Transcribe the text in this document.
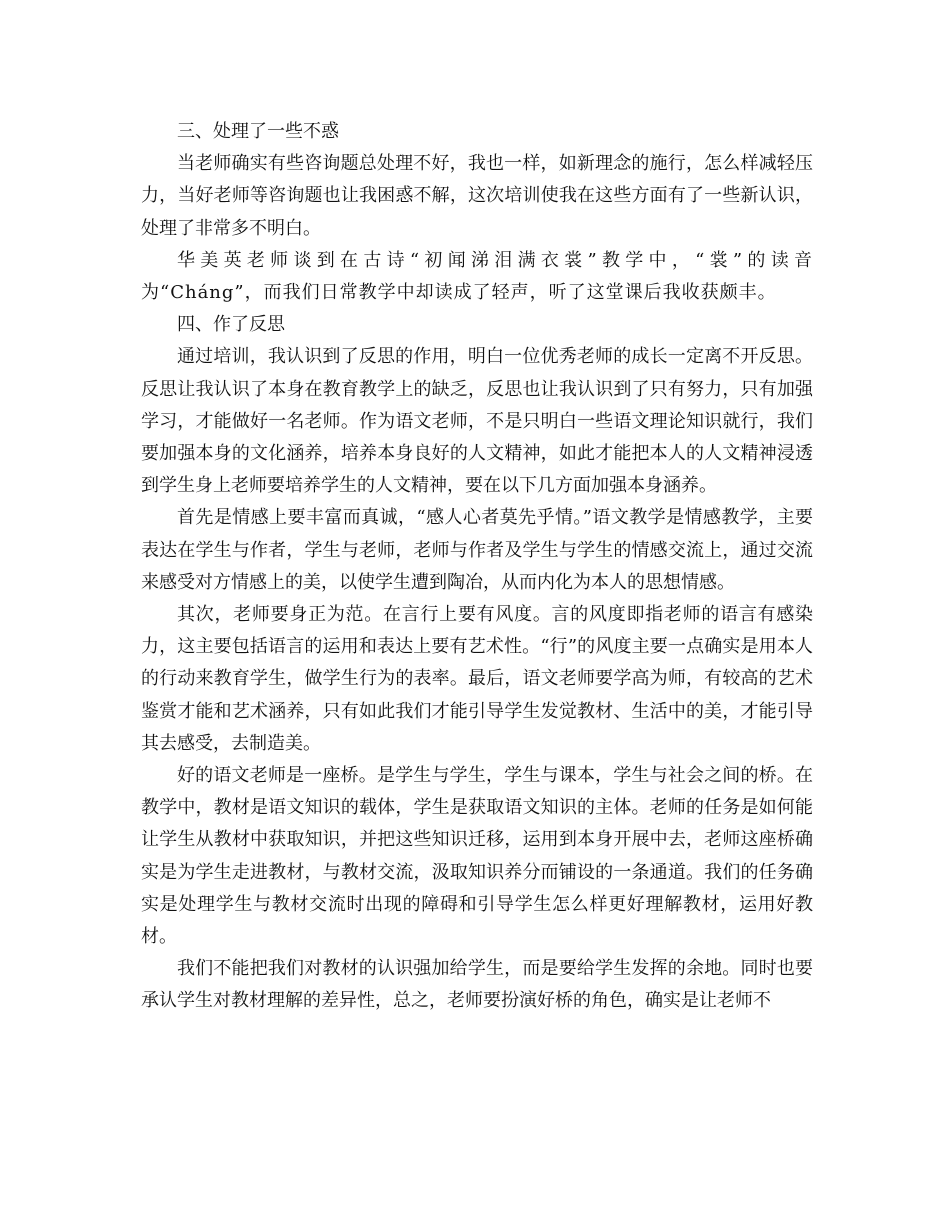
三、处理了一些不惑

当老师确实有些咨询题总处理不好，我也一样，如新理念的施行，怎么样减轻压力，当好老师等咨询题也让我困惑不解，这次培训使我在这些方面有了一些新认识，处理了非常多不明白。

华美英老师谈到在古诗“初闻涕泪满衣裳”教学中，“裳”的读音为“Cháng”，而我们日常教学中却读成了轻声，听了这堂课后我收获颇丰。

四、作了反思

通过培训，我认识到了反思的作用，明白一位优秀老师的成长一定离不开反思。反思让我认识了本身在教育教学上的缺乏，反思也让我认识到了只有努力，只有加强学习，才能做好一名老师。作为语文老师，不是只明白一些语文理论知识就行，我们要加强本身的文化涵养，培养本身良好的人文精神，如此才能把本人的人文精神浸透到学生身上老师要培养学生的人文精神，要在以下几方面加强本身涵养。

首先是情感上要丰富而真诚，“感人心者莫先乎情。”语文教学是情感教学，主要表达在学生与作者，学生与老师，老师与作者及学生与学生的情感交流上，通过交流来感受对方情感上的美，以使学生遭到陶冶，从而内化为本人的思想情感。

其次，老师要身正为范。在言行上要有风度。言的风度即指老师的语言有感染力，这主要包括语言的运用和表达上要有艺术性。“行”的风度主要一点确实是用本人的行动来教育学生，做学生行为的表率。最后，语文老师要学高为师，有较高的艺术鉴赏才能和艺术涵养，只有如此我们才能引导学生发觉教材、生活中的美，才能引导其去感受，去制造美。

好的语文老师是一座桥。是学生与学生，学生与课本，学生与社会之间的桥。在教学中，教材是语文知识的载体，学生是获取语文知识的主体。老师的任务是如何能让学生从教材中获取知识，并把这些知识迁移，运用到本身开展中去，老师这座桥确实是为学生走进教材，与教材交流，汲取知识养分而铺设的一条通道。我们的任务确实是处理学生与教材交流时出现的障碍和引导学生怎么样更好理解教材，运用好教材。

我们不能把我们对教材的认识强加给学生，而是要给学生发挥的余地。同时也要承认学生对教材理解的差异性，总之，老师要扮演好桥的角色，确实是让老师不
